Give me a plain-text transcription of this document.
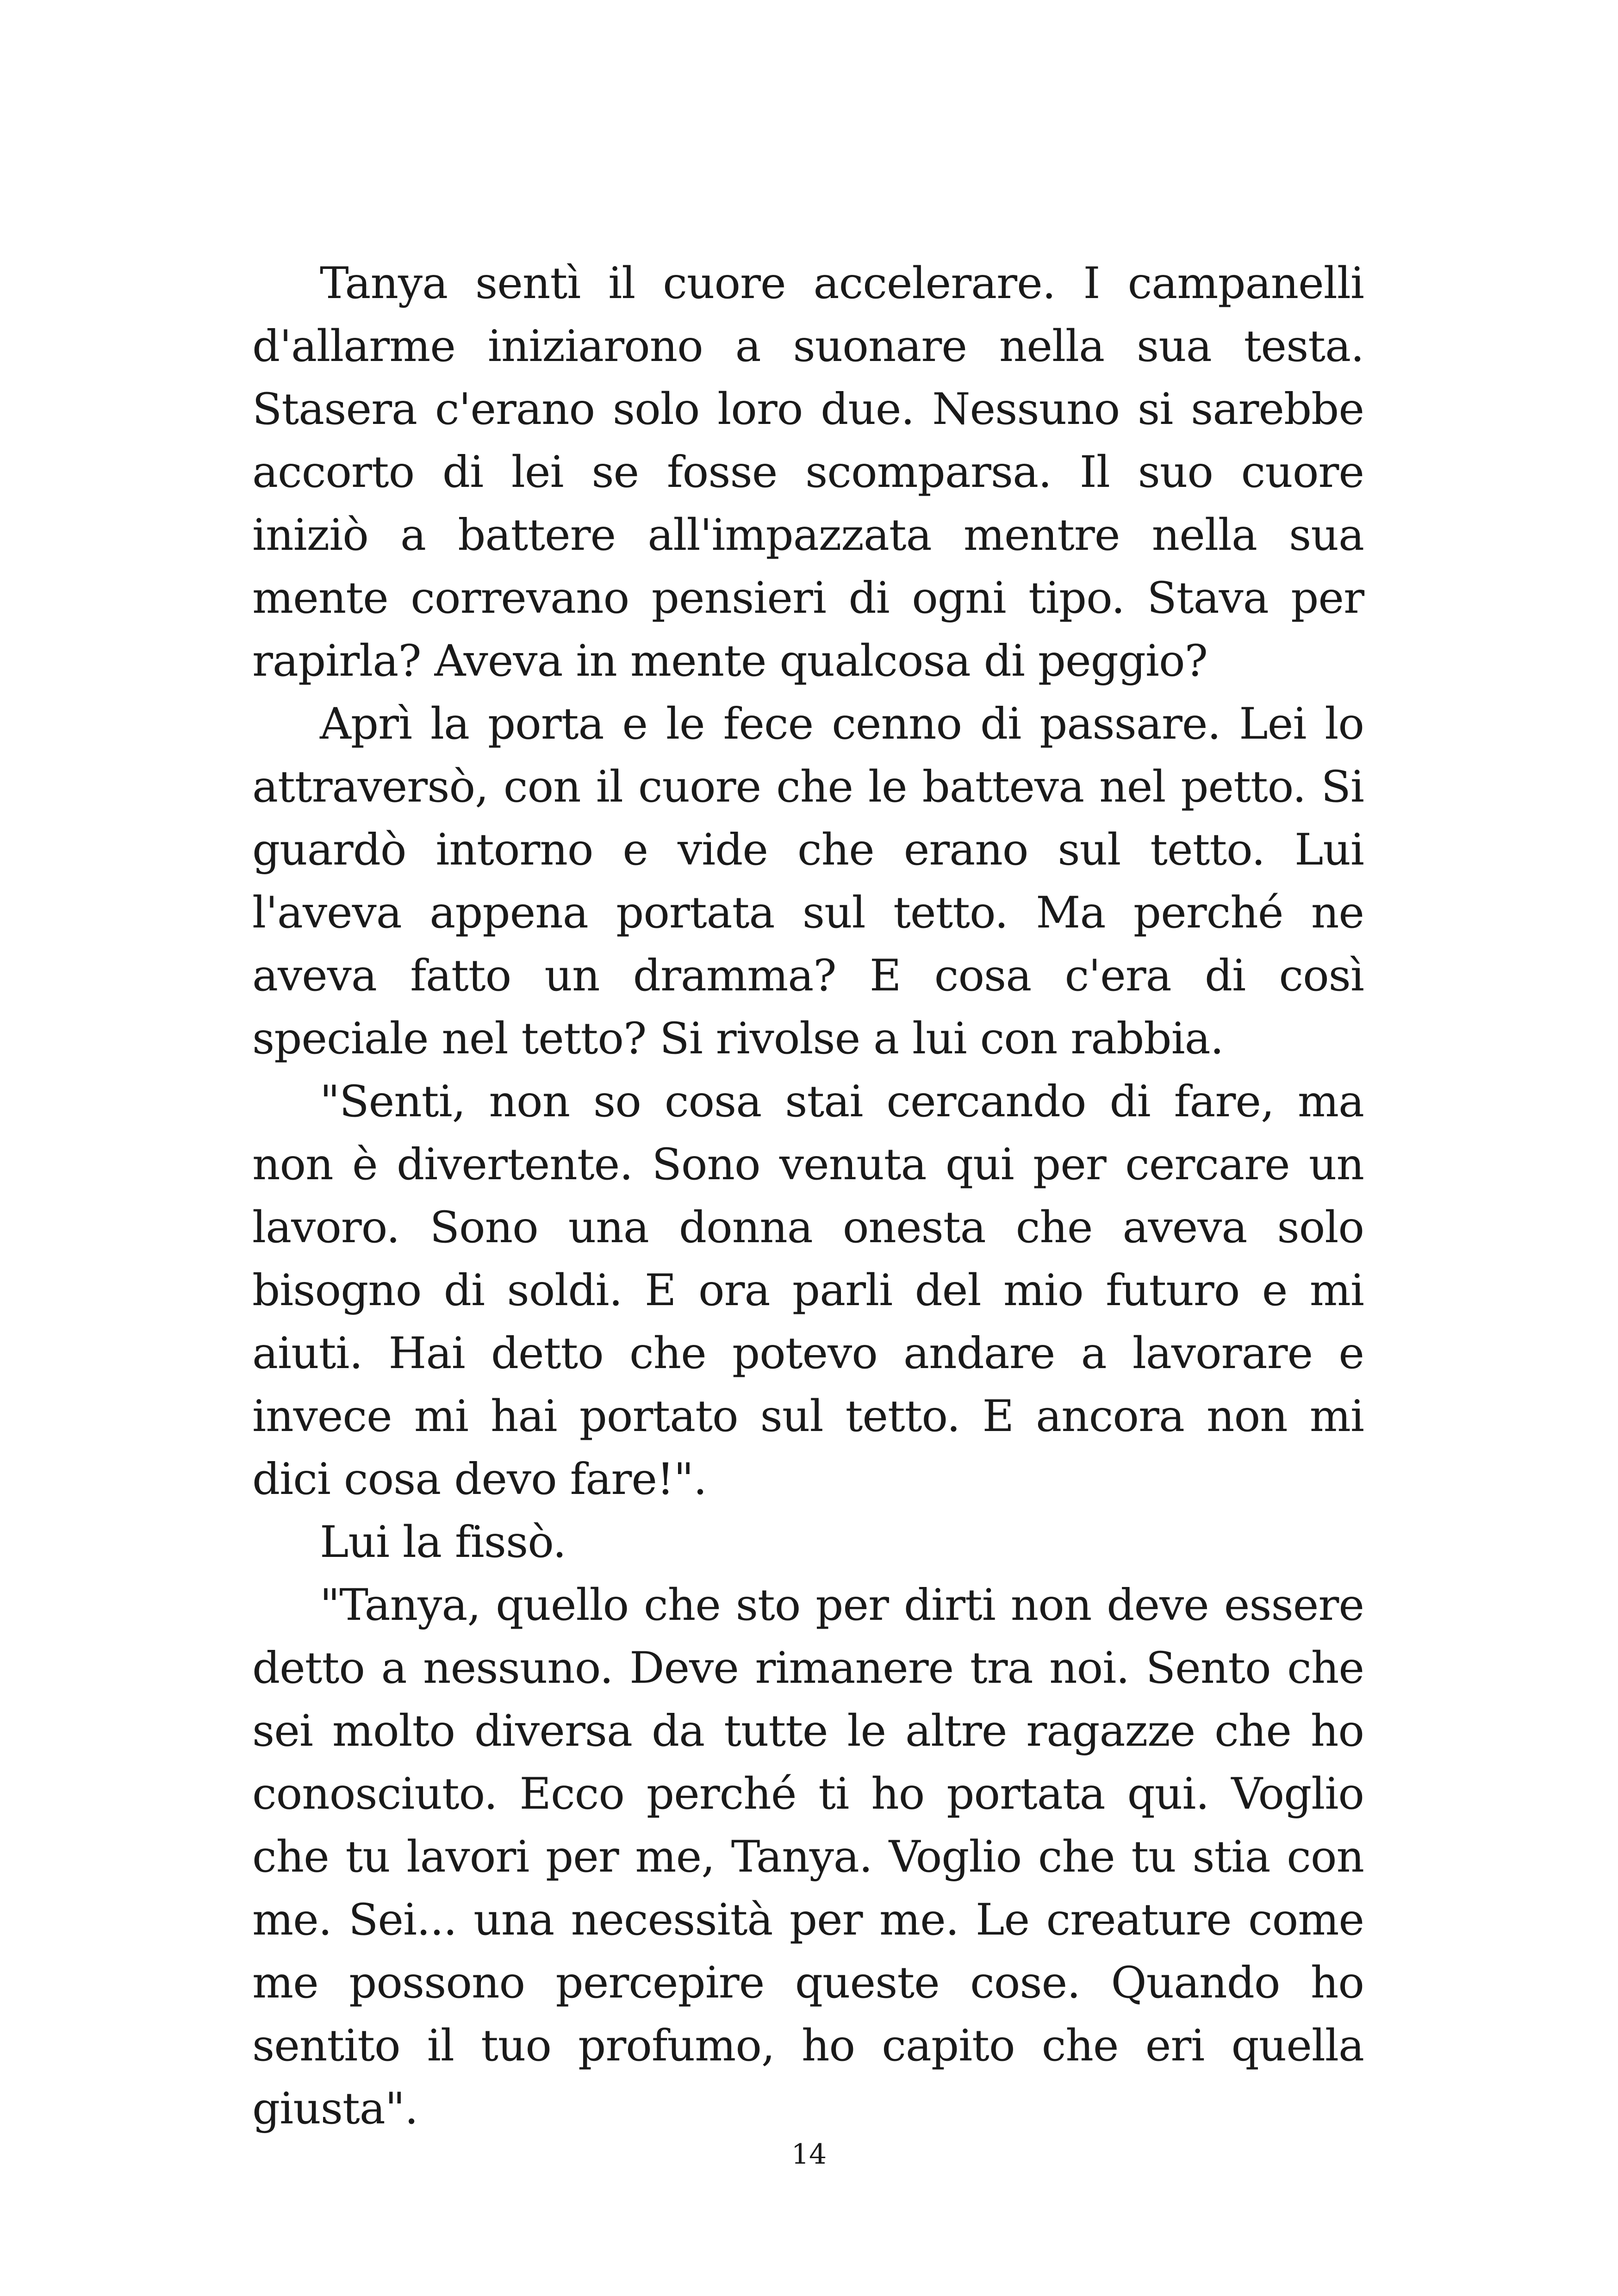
Tanya sentì il cuore accelerare. I campanelli d'allarme iniziarono a suonare nella sua testa. Stasera c'erano solo loro due. Nessuno si sarebbe accorto di lei se fosse scomparsa. Il suo cuore iniziò a battere all'impazzata mentre nella sua mente correvano pensieri di ogni tipo. Stava per rapirla? Aveva in mente qualcosa di peggio?

Aprì la porta e le fece cenno di passare. Lei lo attraversò, con il cuore che le batteva nel petto. Si guardò intorno e vide che erano sul tetto. Lui l'aveva appena portata sul tetto. Ma perché ne aveva fatto un dramma? E cosa c'era di così speciale nel tetto? Si rivolse a lui con rabbia.

"Senti, non so cosa stai cercando di fare, ma non è divertente. Sono venuta qui per cercare un lavoro. Sono una donna onesta che aveva solo bisogno di soldi. E ora parli del mio futuro e mi aiuti. Hai detto che potevo andare a lavorare e invece mi hai portato sul tetto. E ancora non mi dici cosa devo fare!".

Lui la fissò.

"Tanya, quello che sto per dirti non deve essere detto a nessuno. Deve rimanere tra noi. Sento che sei molto diversa da tutte le altre ragazze che ho conosciuto. Ecco perché ti ho portata qui. Voglio che tu lavori per me, Tanya. Voglio che tu stia con me. Sei... una necessità per me. Le creature come me possono percepire queste cose. Quando ho sentito il tuo profumo, ho capito che eri quella giusta".

14
